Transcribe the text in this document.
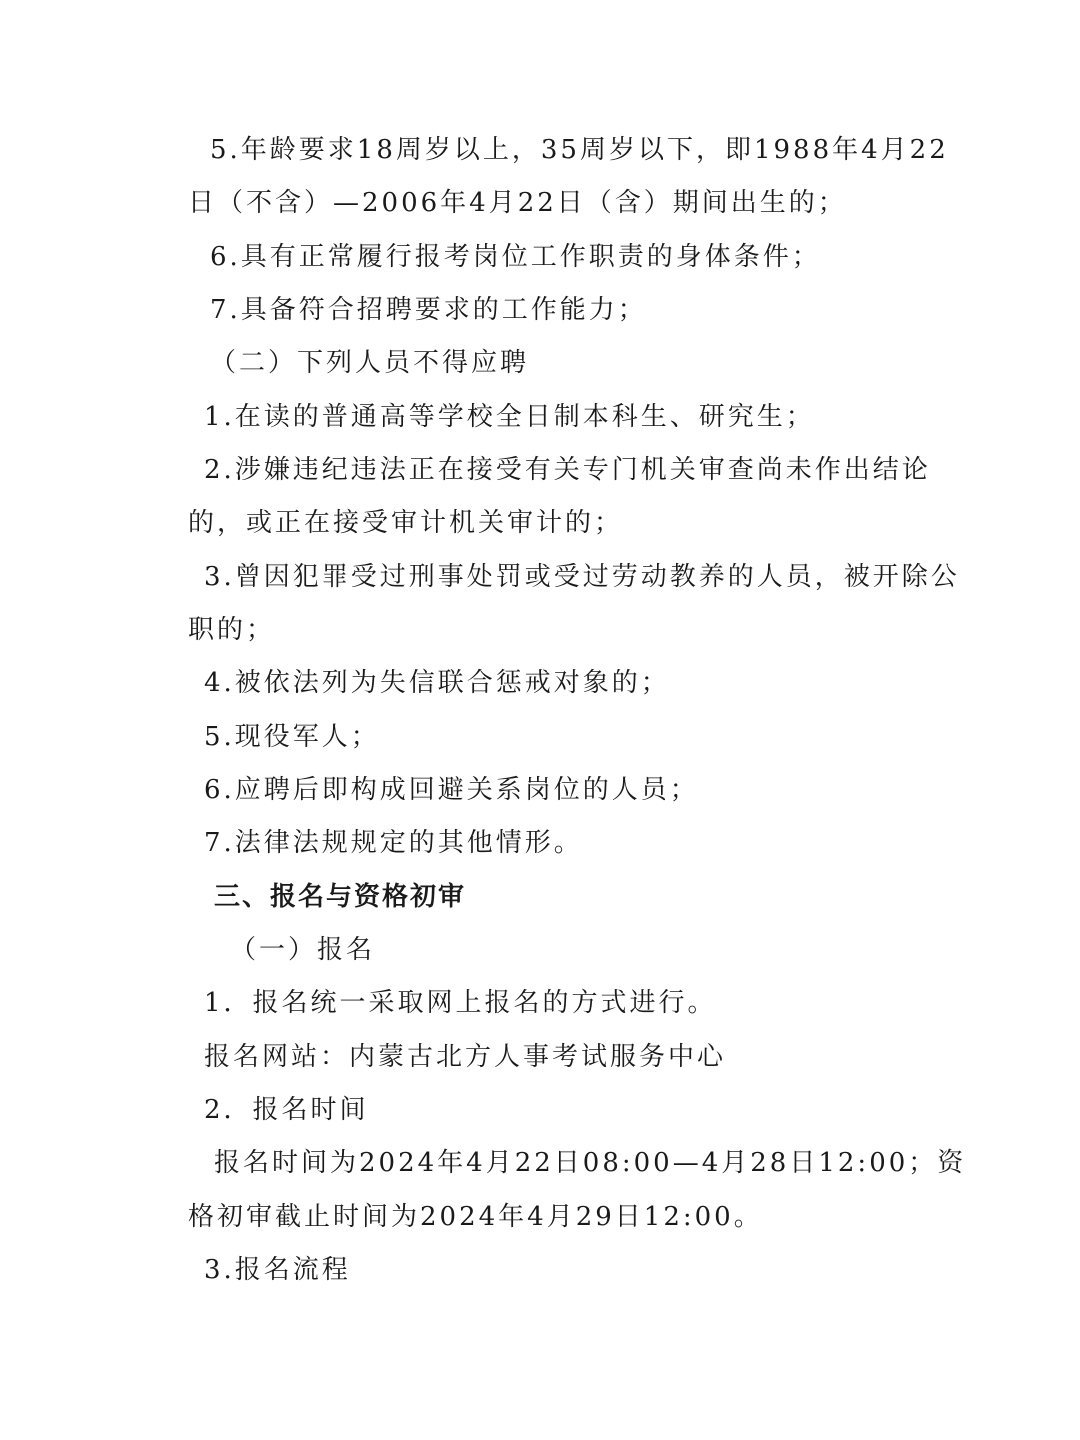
5.年龄要求18周岁以上，35周岁以下，即1988年4月22
日（不含）—2006年4月22日（含）期间出生的；
6.具有正常履行报考岗位工作职责的身体条件；
7.具备符合招聘要求的工作能力；
（二）下列人员不得应聘
1.在读的普通高等学校全日制本科生、研究生；
2.涉嫌违纪违法正在接受有关专门机关审查尚未作出结论
的，或正在接受审计机关审计的；
3.曾因犯罪受过刑事处罚或受过劳动教养的人员，被开除公
职的；
4.被依法列为失信联合惩戒对象的；
5.现役军人；
6.应聘后即构成回避关系岗位的人员；
7.法律法规规定的其他情形。
三、报名与资格初审
（一）报名
1．报名统一采取网上报名的方式进行。
报名网站：内蒙古北方人事考试服务中心
2．报名时间
报名时间为2024年4月22日08:00—4月28日12:00；资
格初审截止时间为2024年4月29日12:00。
3.报名流程
